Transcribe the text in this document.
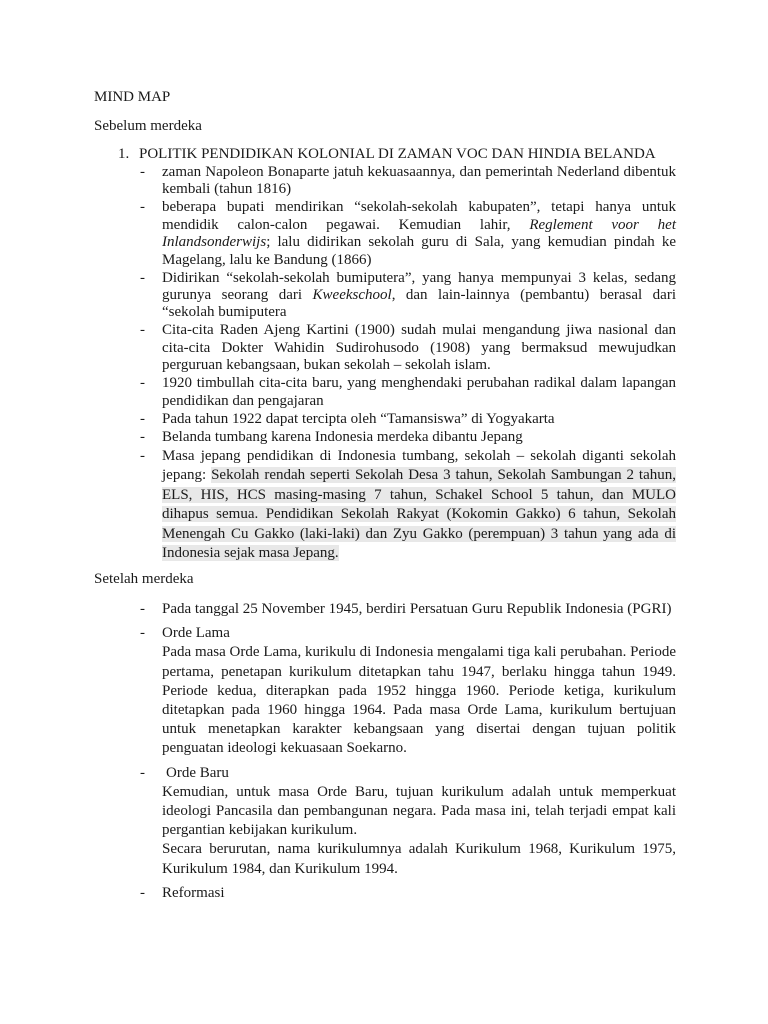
MIND MAP
Sebelum merdeka
1. POLITIK PENDIDIKAN KOLONIAL DI ZAMAN VOC DAN HINDIA BELANDA
- zaman Napoleon Bonaparte jatuh kekuasaannya, dan pemerintah Nederland dibentuk kembali (tahun 1816)
- beberapa bupati mendirikan “sekolah-sekolah kabupaten”, tetapi hanya untuk mendidik calon-calon pegawai. Kemudian lahir, Reglement voor het Inlandsonderwijs; lalu didirikan sekolah guru di Sala, yang kemudian pindah ke Magelang, lalu ke Bandung (1866)
- Didirikan “sekolah-sekolah bumiputera”, yang hanya mempunyai 3 kelas, sedang gurunya seorang dari Kweekschool, dan lain-lainnya (pembantu) berasal dari “sekolah bumiputera
- Cita-cita Raden Ajeng Kartini (1900) sudah mulai mengandung jiwa nasional dan cita-cita Dokter Wahidin Sudirohusodo (1908) yang bermaksud mewujudkan perguruan kebangsaan, bukan sekolah – sekolah islam.
- 1920 timbullah cita-cita baru, yang menghendaki perubahan radikal dalam lapangan pendidikan dan pengajaran
- Pada tahun 1922 dapat tercipta oleh “Tamansiswa” di Yogyakarta
- Belanda tumbang karena Indonesia merdeka dibantu Jepang
- Masa jepang pendidikan di Indonesia tumbang, sekolah – sekolah diganti sekolah jepang: Sekolah rendah seperti Sekolah Desa 3 tahun, Sekolah Sambungan 2 tahun, ELS, HIS, HCS masing-masing 7 tahun, Schakel School 5 tahun, dan MULO dihapus semua. Pendidikan Sekolah Rakyat (Kokomin Gakko) 6 tahun, Sekolah Menengah Cu Gakko (laki-laki) dan Zyu Gakko (perempuan) 3 tahun yang ada di Indonesia sejak masa Jepang.
Setelah merdeka
- Pada tanggal 25 November 1945, berdiri Persatuan Guru Republik Indonesia (PGRI)
- Orde Lama

Pada masa Orde Lama, kurikulu di Indonesia mengalami tiga kali perubahan. Periode pertama, penetapan kurikulum ditetapkan tahu 1947, berlaku hingga tahun 1949. Periode kedua, diterapkan pada 1952 hingga 1960. Periode ketiga, kurikulum ditetapkan pada 1960 hingga 1964. Pada masa Orde Lama, kurikulum bertujuan untuk menetapkan karakter kebangsaan yang disertai dengan tujuan politik penguatan ideologi kekuasaan Soekarno.

- Orde Baru

Kemudian, untuk masa Orde Baru, tujuan kurikulum adalah untuk memperkuat ideologi Pancasila dan pembangunan negara. Pada masa ini, telah terjadi empat kali pergantian kebijakan kurikulum.

Secara berurutan, nama kurikulumnya adalah Kurikulum 1968, Kurikulum 1975, Kurikulum 1984, dan Kurikulum 1994.

- Reformasi
